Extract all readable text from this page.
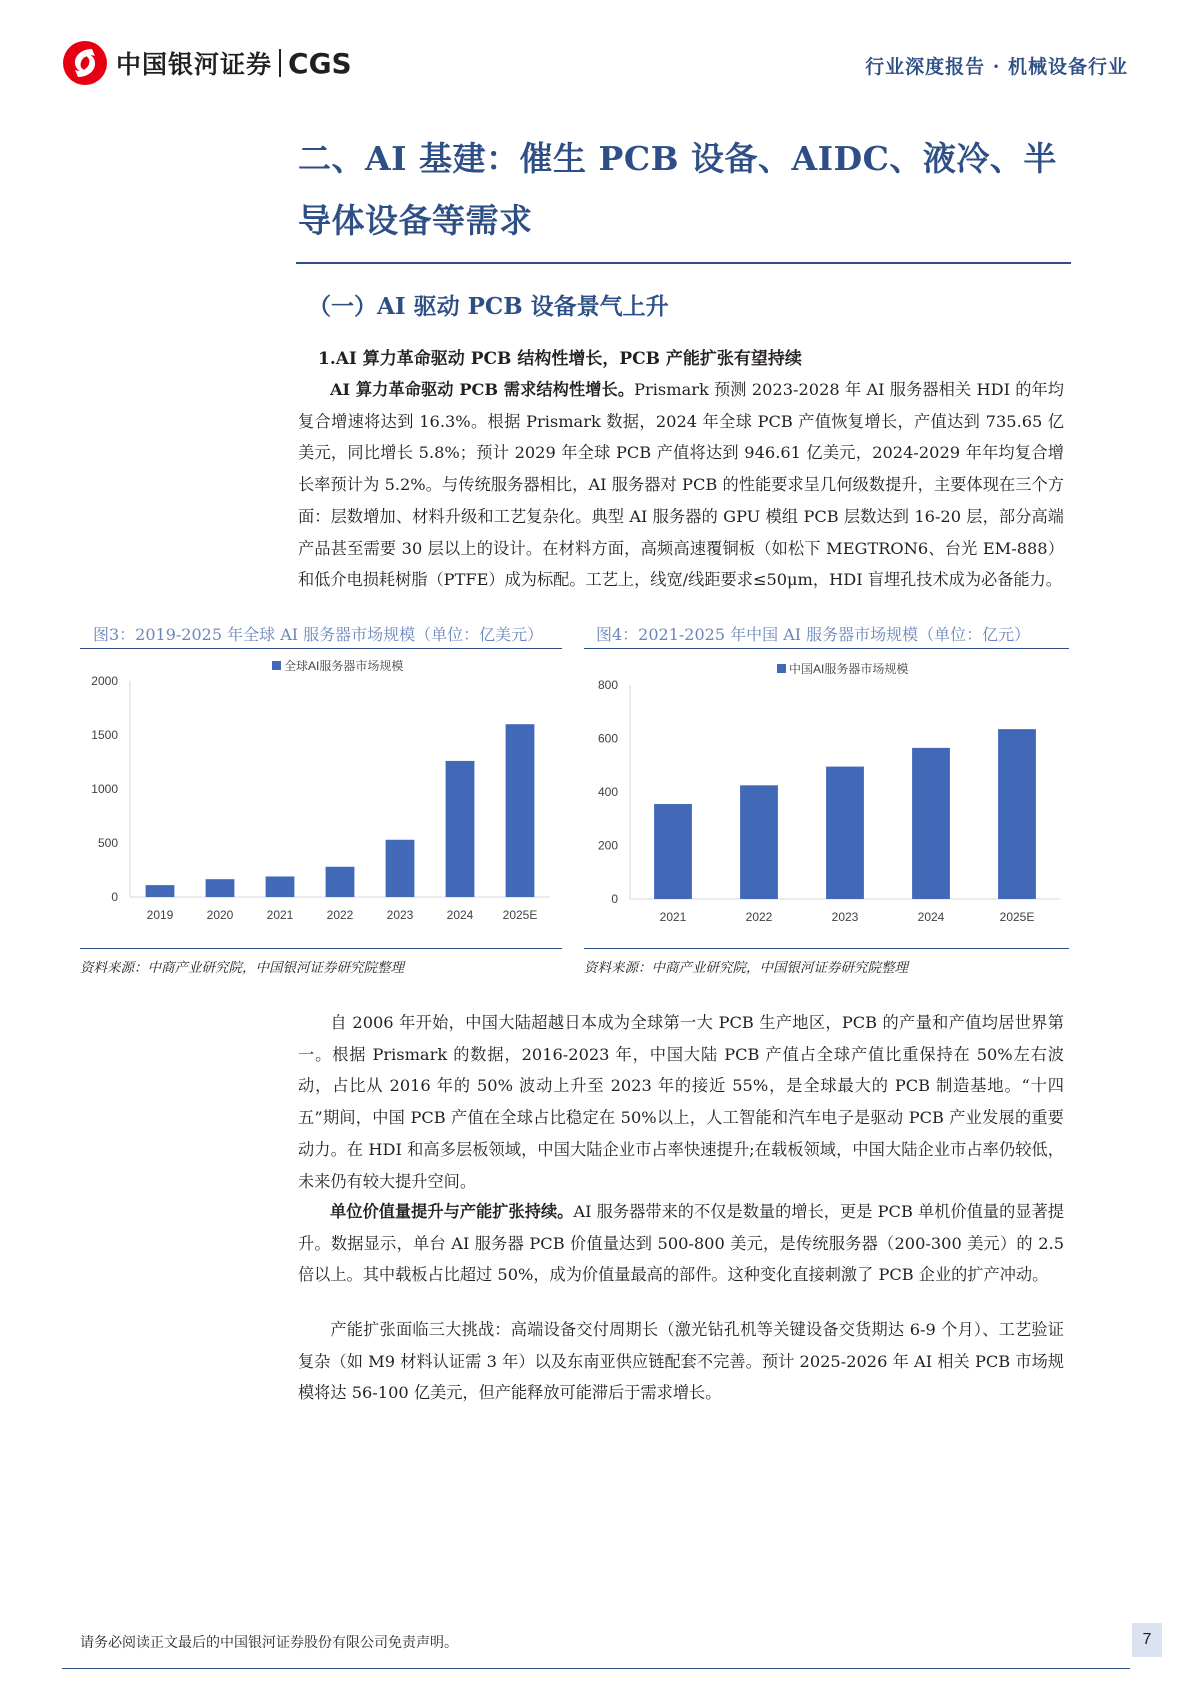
中国银河证券 CGS	行业深度报告 · 机械设备行业
二、AI 基建：催生 PCB 设备、AIDC、液冷、半导体设备等需求
（一）AI 驱动 PCB 设备景气上升
1.AI 算力革命驱动 PCB 结构性增长，PCB 产能扩张有望持续

AI 算力革命驱动 PCB 需求结构性增长。Prismark 预测 2023-2028 年 AI 服务器相关 HDI 的年均复合增速将达到 16.3%。根据 Prismark 数据，2024 年全球 PCB 产值恢复增长，产值达到 735.65 亿美元，同比增长 5.8%；预计 2029 年全球 PCB 产值将达到 946.61 亿美元，2024-2029 年年均复合增长率预计为 5.2%。与传统服务器相比，AI 服务器对 PCB 的性能要求呈几何级数提升，主要体现在三个方面：层数增加、材料升级和工艺复杂化。典型 AI 服务器的 GPU 模组 PCB 层数达到 16-20 层，部分高端产品甚至需要 30 层以上的设计。在材料方面，高频高速覆铜板（如松下 MEGTRON6、台光 EM-888）和低介电损耗树脂（PTFE）成为标配。工艺上，线宽/线距要求≤50μm，HDI 盲埋孔技术成为必备能力。

图3：2019-2025 年全球 AI 服务器市场规模（单位：亿美元）
0
500
1000
1500
2000
全球AI服务器市场规模
2019	2020	2021	2022	2023	2024 2025E
资料来源：中商产业研究院，中国银河证券研究院整理
图4：2021-2025 年中国 AI 服务器市场规模（单位：亿元）
0
200
400
600
800
中国AI服务器市场规模
2021	2022	2023	2024	2025E
资料来源：中商产业研究院，中国银河证券研究院整理

自 2006 年开始，中国大陆超越日本成为全球第一大 PCB 生产地区，PCB 的产量和产值均居世界第一。根据 Prismark 的数据，2016-2023 年，中国大陆 PCB 产值占全球产值比重保持在 50%左右波动，占比从 2016 年的 50% 波动上升至 2023 年的接近 55%，是全球最大的 PCB 制造基地。“十四五”期间，中国 PCB 产值在全球占比稳定在 50%以上，人工智能和汽车电子是驱动 PCB 产业发展的重要动力。在 HDI 和高多层板领域，中国大陆企业市占率快速提升;在载板领域，中国大陆企业市占率仍较低，未来仍有较大提升空间。

单位价值量提升与产能扩张持续。AI 服务器带来的不仅是数量的增长，更是 PCB 单机价值量的显著提升。数据显示，单台 AI 服务器 PCB 价值量达到 500-800 美元，是传统服务器（200-300 美元）的 2.5 倍以上。其中载板占比超过 50%，成为价值量最高的部件。这种变化直接刺激了 PCB 企业的扩产冲动。

产能扩张面临三大挑战：高端设备交付周期长（激光钻孔机等关键设备交货期达 6-9 个月）、工艺验证复杂（如 M9 材料认证需 3 年）以及东南亚供应链配套不完善。预计 2025-2026 年 AI 相关 PCB 市场规模将达 56-100 亿美元，但产能释放可能滞后于需求增长。

请务必阅读正文最后的中国银河证券股份有限公司免责声明。	7
